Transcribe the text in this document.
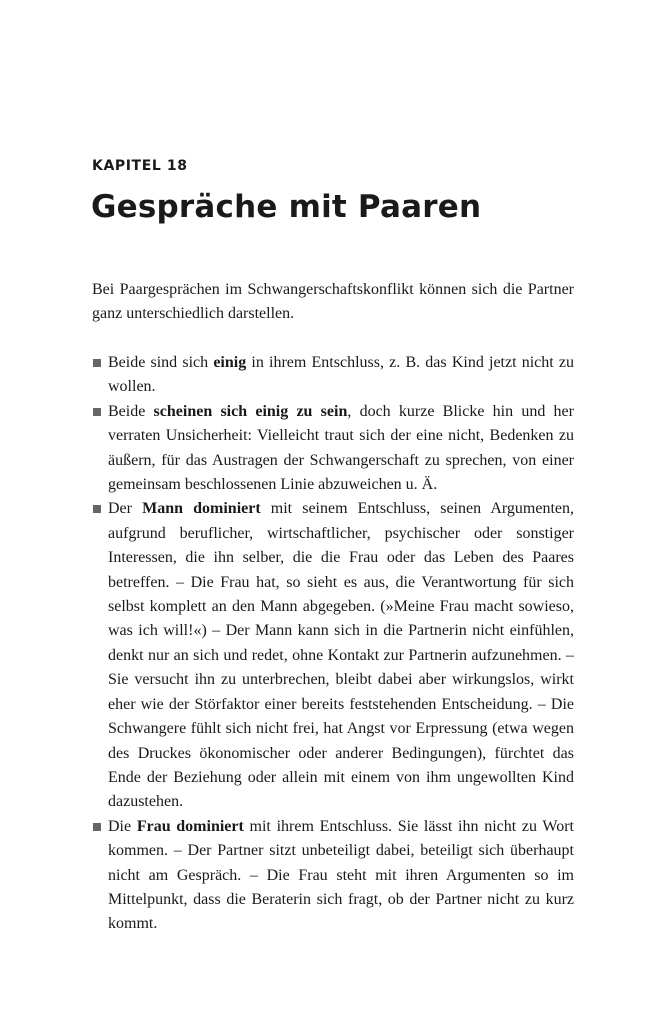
KAPITEL 18
Gespräche mit Paaren

Bei Paargesprächen im Schwangerschaftskonflikt können sich die Partner ganz unterschiedlich darstellen.

Beide sind sich einig in ihrem Entschluss, z. B. das Kind jetzt nicht zu wollen.
Beide scheinen sich einig zu sein, doch kurze Blicke hin und her verraten Unsicherheit: Vielleicht traut sich der eine nicht, Bedenken zu äußern, für das Austragen der Schwangerschaft zu sprechen, von einer gemeinsam beschlossenen Linie abzuweichen u. Ä.
Der Mann dominiert mit seinem Entschluss, seinen Argumenten, aufgrund beruflicher, wirtschaftlicher, psychischer oder sonstiger Interessen, die ihn selber, die die Frau oder das Leben des Paares betreffen. – Die Frau hat, so sieht es aus, die Verantwortung für sich selbst komplett an den Mann abgegeben. (»Meine Frau macht sowieso, was ich will!«) – Der Mann kann sich in die Partnerin nicht einfühlen, denkt nur an sich und redet, ohne Kontakt zur Partnerin aufzunehmen. – Sie versucht ihn zu unterbrechen, bleibt dabei aber wirkungslos, wirkt eher wie der Störfaktor einer bereits feststehenden Entscheidung. – Die Schwangere fühlt sich nicht frei, hat Angst vor Erpressung (etwa wegen des Druckes ökonomischer oder anderer Bedingungen), fürchtet das Ende der Beziehung oder allein mit einem von ihm ungewollten Kind dazustehen.
Die Frau dominiert mit ihrem Entschluss. Sie lässt ihn nicht zu Wort kommen. – Der Partner sitzt unbeteiligt dabei, beteiligt sich überhaupt nicht am Gespräch. – Die Frau steht mit ihren Argumenten so im Mittelpunkt, dass die Beraterin sich fragt, ob der Partner nicht zu kurz kommt.
